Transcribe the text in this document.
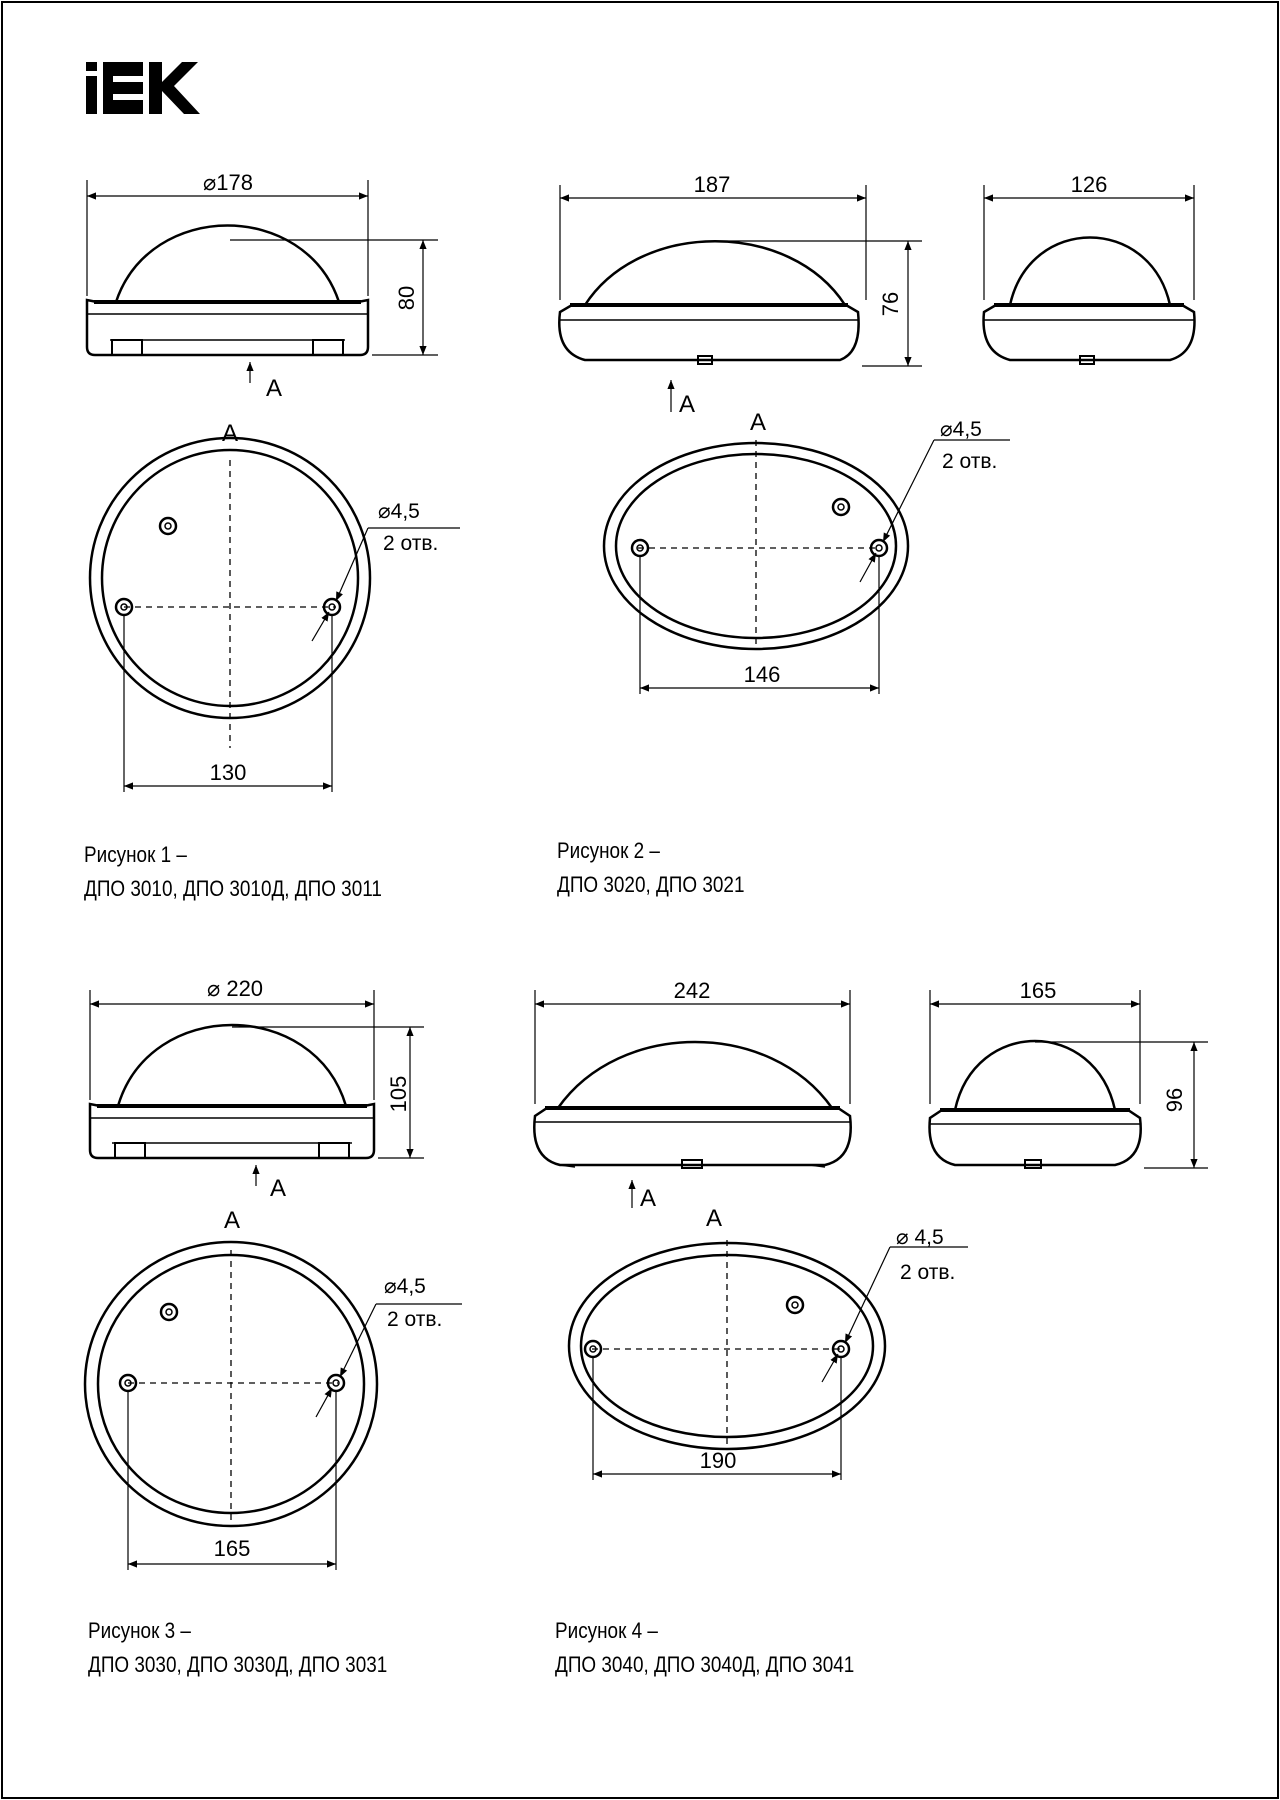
⌀178
80
A
A
⌀4,5
2 отв.
130
187
76
A
126
A	⌀4,5
2 отв.
146
⌀ 220
105
A
A
⌀4,5
2 отв.
165
242
A
165
96
A
⌀ 4,5
2 отв.
190
Рисунок 1 –
ДПО 3010, ДПО 3010Д, ДПО 3011
Рисунок 2 –
ДПО 3020, ДПО 3021
Рисунок 3 –
ДПО 3030, ДПО 3030Д, ДПО 3031
Рисунок 4 –
ДПО 3040, ДПО 3040Д, ДПО 3041
